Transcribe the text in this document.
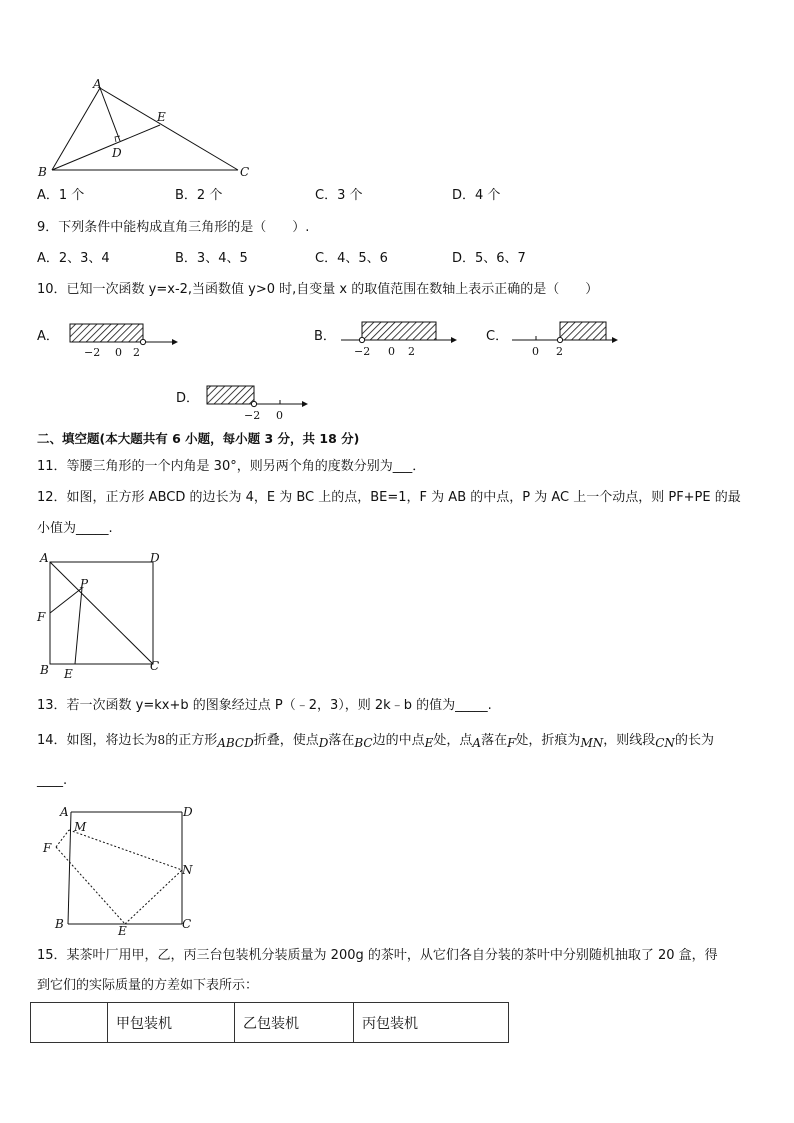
A
B	C
D
E
A．1 个	B．2 个	C．3 个	D．4 个
9．下列条件中能构成直角三角形的是（　　）.
A．2、3、4	B．3、4、5	C．4、5、6	D．5、6、7
10．已知一次函数 y=x-2,当函数值 y>0 时,自变量 x 的取值范围在数轴上表示正确的是（　　）
A．
−2 0 2
B．
−2 0 2
C．
0 2
D．
−2 0
二、填空题(本大题共有 6 小题，每小题 3 分，共 18 分)
11．等腰三角形的一个内角是 30°，则另两个角的度数分别为___．
12．如图，正方形 ABCD 的边长为 4，E 为 BC 上的点，BE=1，F 为 AB 的中点，P 为 AC 上一个动点，则 PF+PE 的最
小值为_____.
A
B	C
D
E
F
P
13．若一次函数 y=kx+b 的图象经过点 P（﹣2，3），则 2k﹣b 的值为_____.
14．如图，将边长为8的正方形ABCD折叠，使点D落在BC边的中点E处，点A落在F处，折痕为MN，则线段CN的长为
____.
A
B	C
D
E
F
M
N
15．某茶叶厂用甲，乙，丙三台包装机分装质量为 200g 的茶叶，从它们各自分装的茶叶中分别随机抽取了 20 盒，得
到它们的实际质量的方差如下表所示：
	甲包装机	乙包装机	丙包装机
